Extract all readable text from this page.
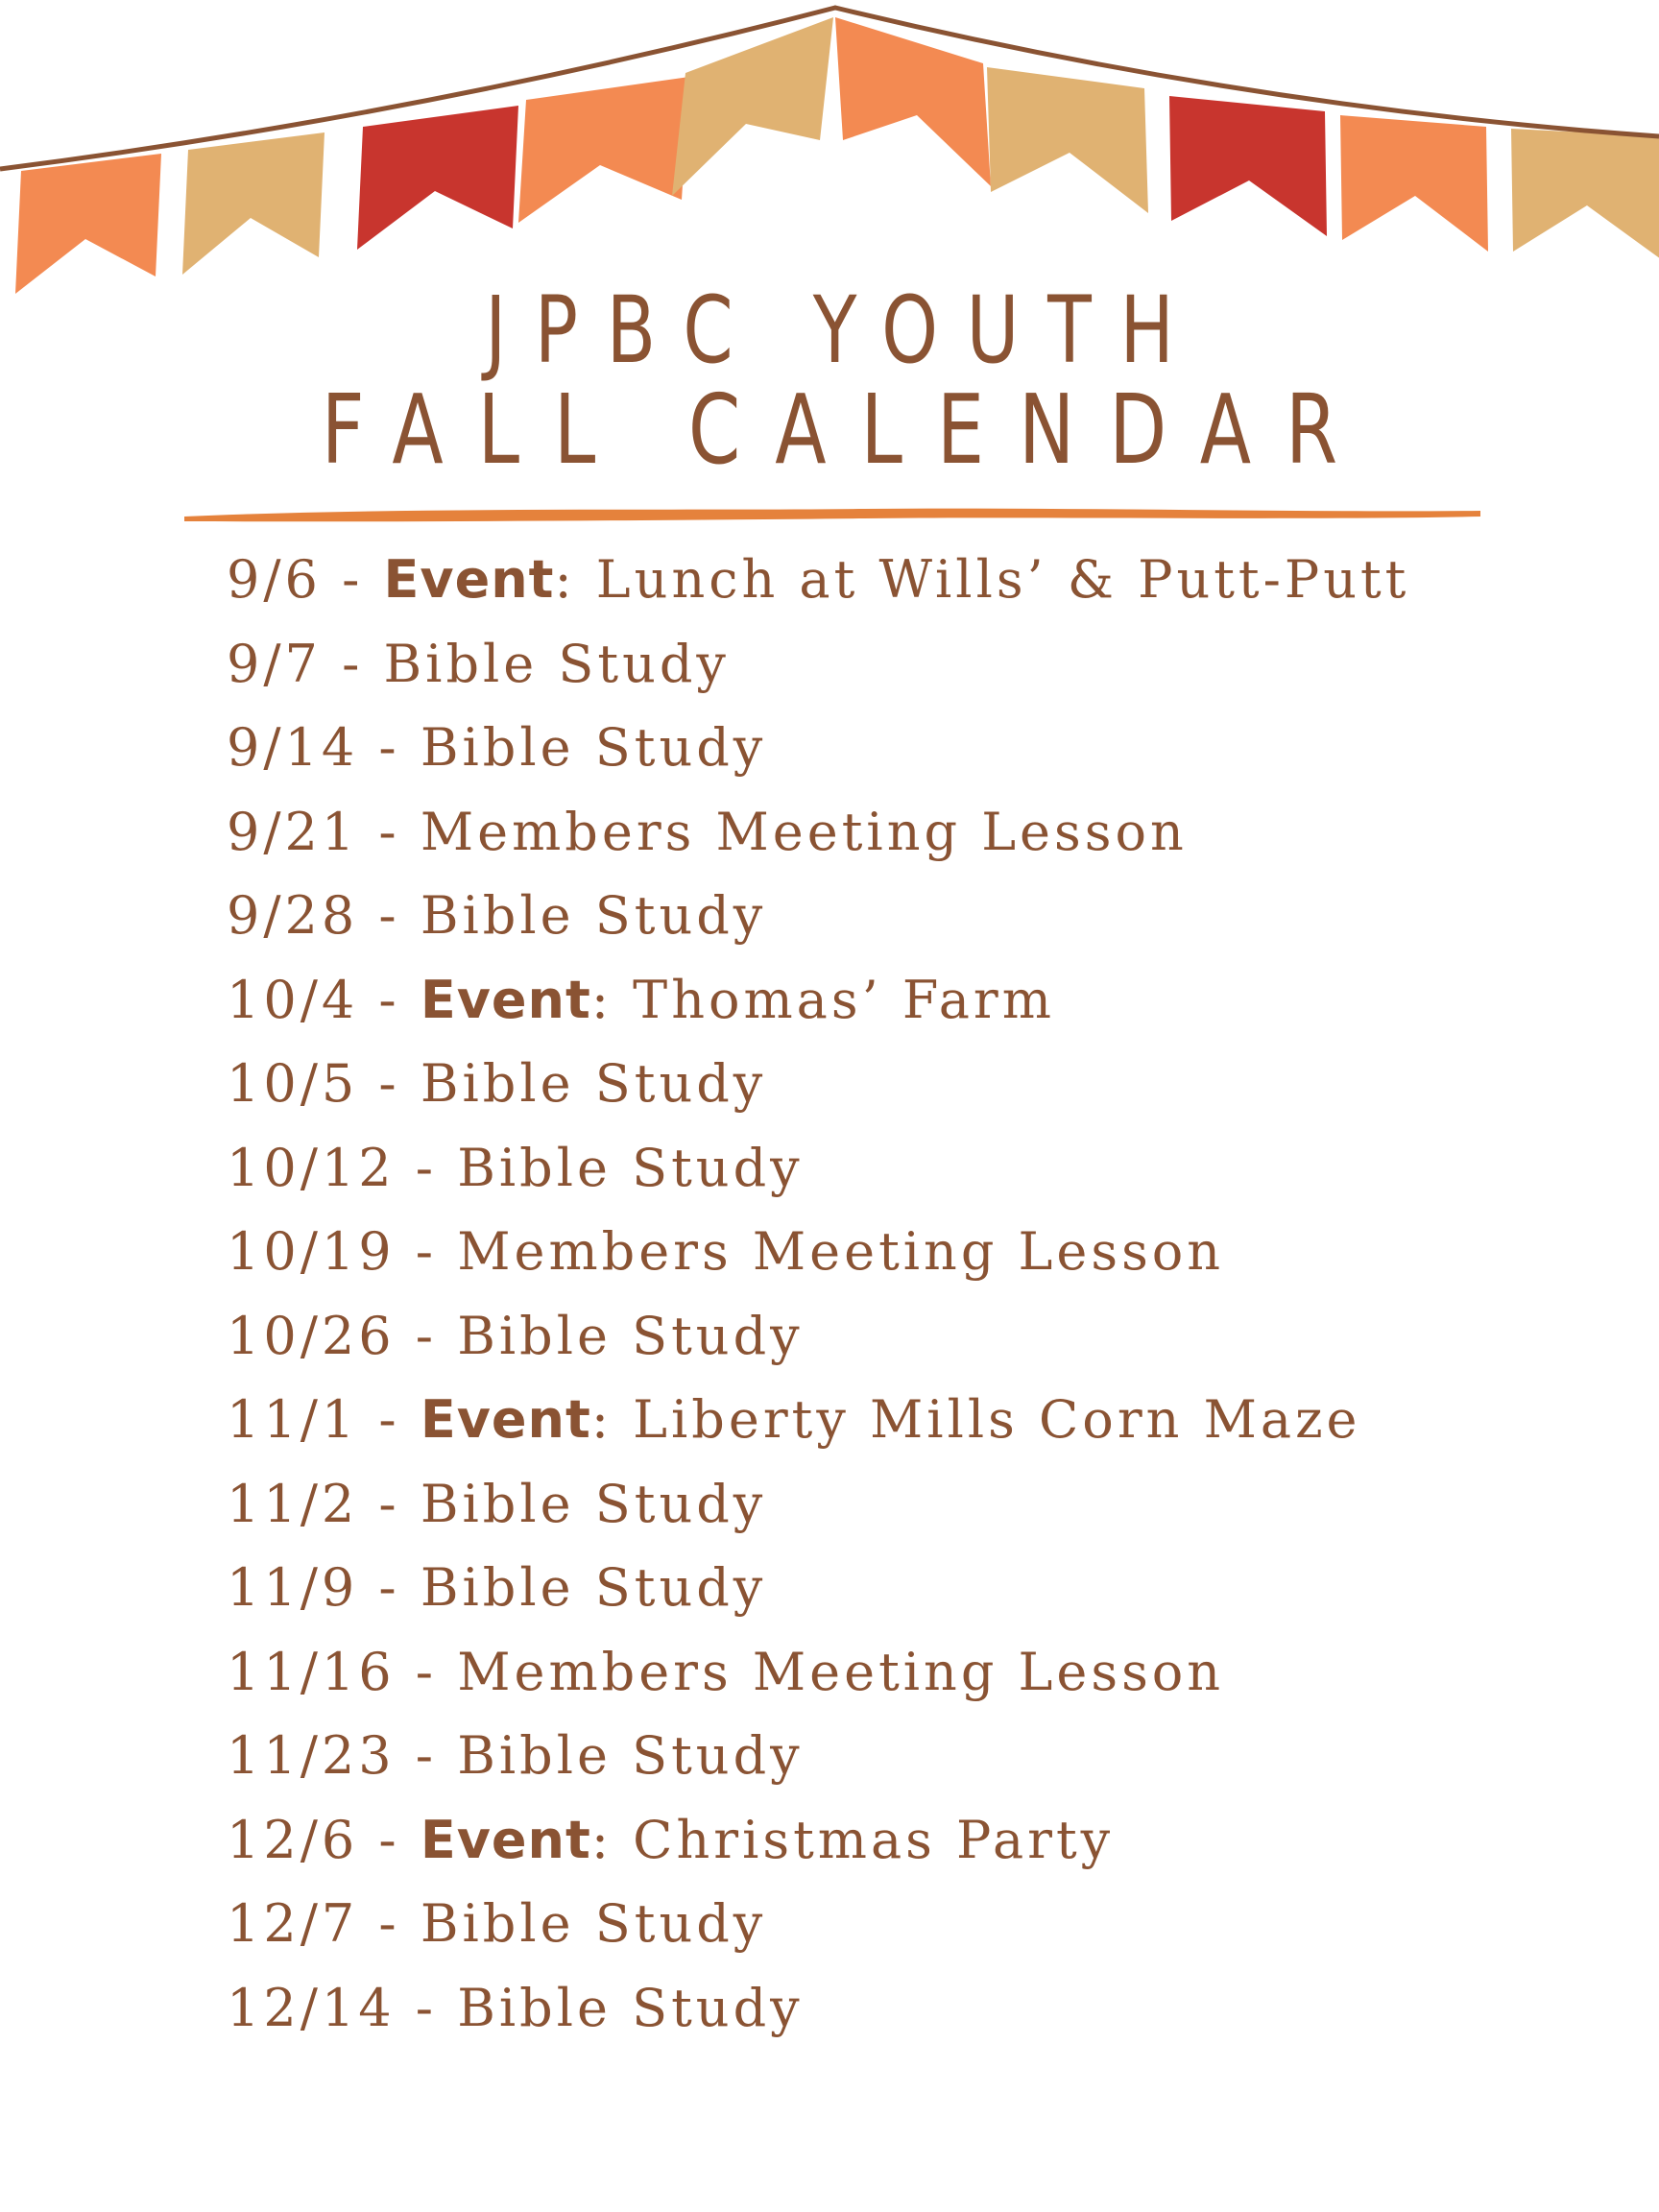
JPBC YOUTH
FALL CALENDAR
9/6 - Event: Lunch at Wills’ & Putt-Putt
9/7 - Bible Study
9/14 - Bible Study
9/21 - Members Meeting Lesson
9/28 - Bible Study
10/4 - Event: Thomas’ Farm
10/5 - Bible Study
10/12 - Bible Study
10/19 - Members Meeting Lesson
10/26 - Bible Study
11/1 - Event: Liberty Mills Corn Maze
11/2 - Bible Study
11/9 - Bible Study
11/16 - Members Meeting Lesson
11/23 - Bible Study
12/6 - Event: Christmas Party
12/7 - Bible Study
12/14 - Bible Study
